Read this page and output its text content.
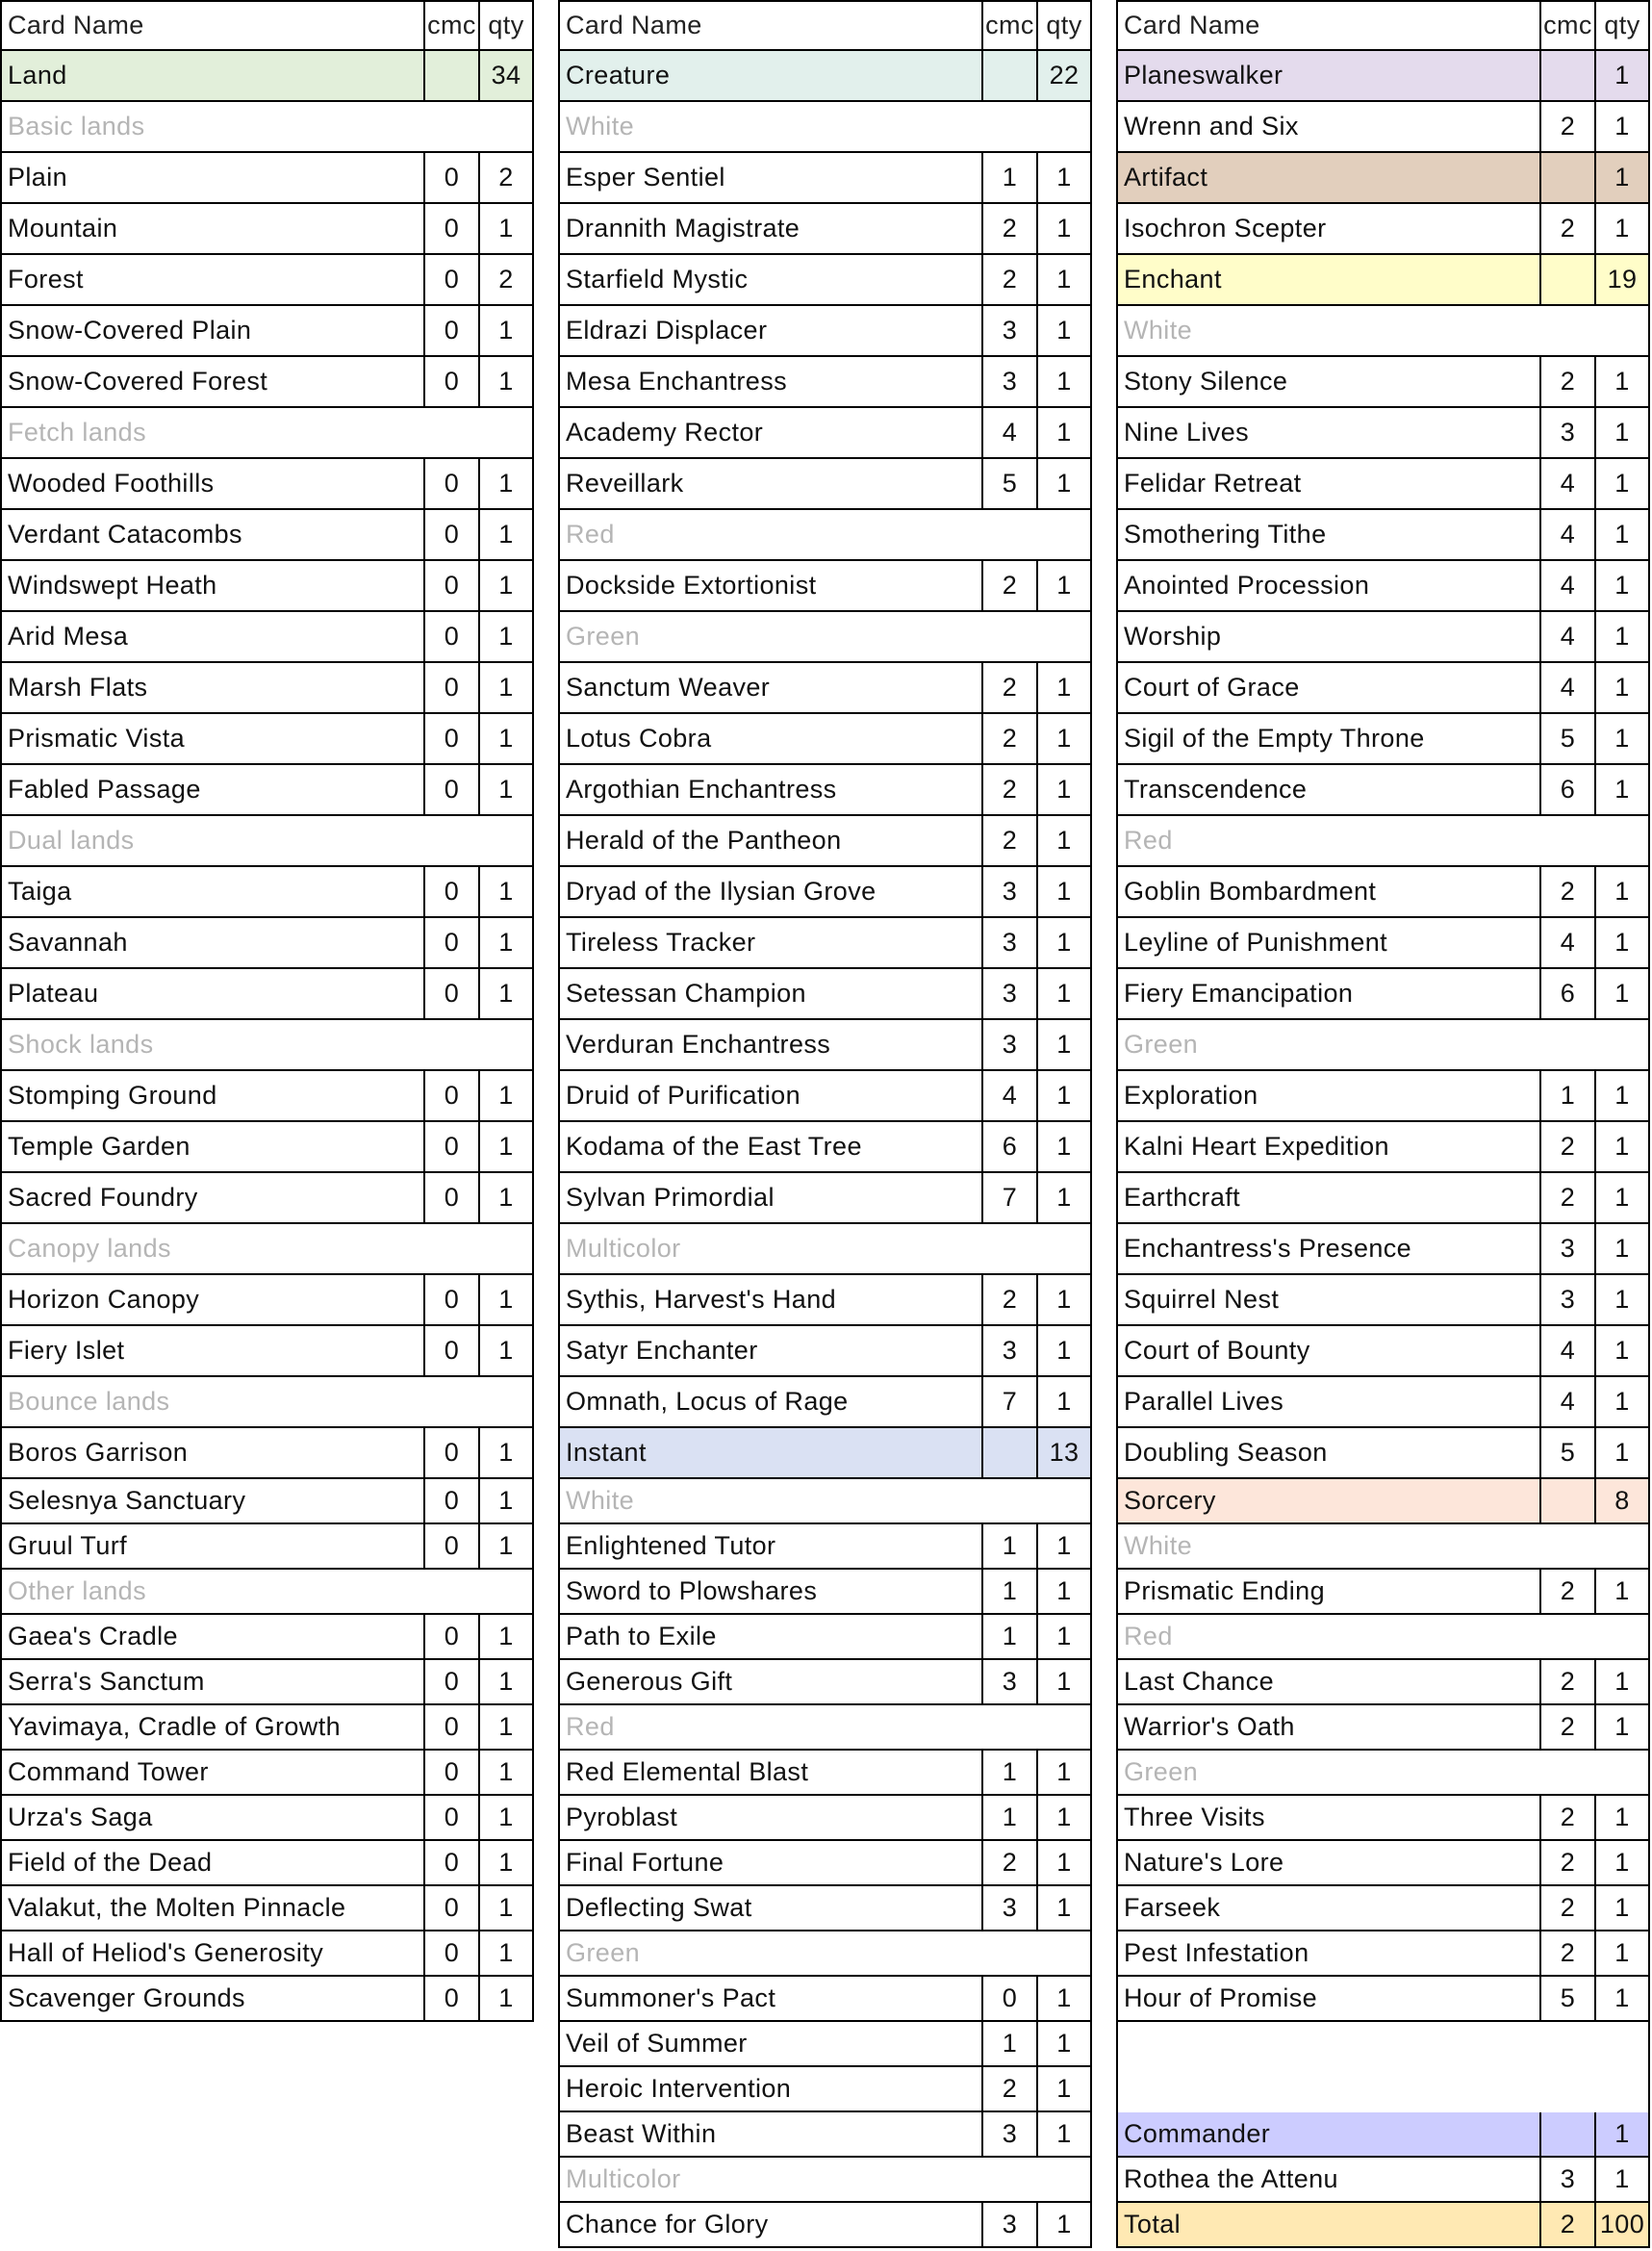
Card Name	cmc qty
Land	34
Basic lands
Plain	0	2
Mountain	0	1
Forest	0	2
Snow-Covered Plain	0	1
Snow-Covered Forest	0	1
Fetch lands
Wooded Foothills	0	1
Verdant Catacombs	0	1
Windswept Heath	0	1
Arid Mesa	0	1
Marsh Flats	0	1
Prismatic Vista	0	1
Fabled Passage	0	1
Dual lands
Taiga	0	1
Savannah	0	1
Plateau	0	1
Shock lands
Stomping Ground	0	1
Temple Garden	0	1
Sacred Foundry	0	1
Canopy lands
Horizon Canopy	0	1
Fiery Islet	0	1
Bounce lands
Boros Garrison	0	1
Selesnya Sanctuary	0	1
Gruul Turf	0	1
Other lands
Gaea's Cradle	0	1
Serra's Sanctum	0	1
Yavimaya, Cradle of Growth	0	1
Command Tower	0	1
Urza's Saga	0	1
Field of the Dead	0	1
Valakut, the Molten Pinnacle	0	1
Hall of Heliod's Generosity	0	1
Scavenger Grounds	0	1
Card Name	cmc qty
Creature	22
White
Esper Sentiel	1	1
Drannith Magistrate	2	1
Starfield Mystic	2	1
Eldrazi Displacer	3	1
Mesa Enchantress	3	1
Academy Rector	4	1
Reveillark	5	1
Red
Dockside Extortionist	2	1
Green
Sanctum Weaver	2	1
Lotus Cobra	2	1
Argothian Enchantress	2	1
Herald of the Pantheon	2	1
Dryad of the Ilysian Grove	3	1
Tireless Tracker	3	1
Setessan Champion	3	1
Verduran Enchantress	3	1
Druid of Purification	4	1
Kodama of the East Tree	6	1
Sylvan Primordial	7	1
Multicolor
Sythis, Harvest's Hand	2	1
Satyr Enchanter	3	1
Omnath, Locus of Rage	7	1
Instant	13
White
Enlightened Tutor	1	1
Sword to Plowshares	1	1
Path to Exile	1	1
Generous Gift	3	1
Red
Red Elemental Blast	1	1
Pyroblast	1	1
Final Fortune	2	1
Deflecting Swat	3	1
Green
Summoner's Pact	0	1
Veil of Summer	1	1
Heroic Intervention	2	1
Beast Within	3	1
Multicolor
Chance for Glory	3	1
Card Name	cmc qty
Planeswalker	1
Wrenn and Six	2	1
Artifact	1
Isochron Scepter	2	1
Enchant	19
White
Stony Silence	2	1
Nine Lives	3	1
Felidar Retreat	4	1
Smothering Tithe	4	1
Anointed Procession	4	1
Worship	4	1
Court of Grace	4	1
Sigil of the Empty Throne	5	1
Transcendence	6	1
Red
Goblin Bombardment	2	1
Leyline of Punishment	4	1
Fiery Emancipation	6	1
Green
Exploration	1	1
Kalni Heart Expedition	2	1
Earthcraft	2	1
Enchantress's Presence	3	1
Squirrel Nest	3	1
Court of Bounty	4	1
Parallel Lives	4	1
Doubling Season	5	1
Sorcery	8
White
Prismatic Ending	2	1
Red
Last Chance	2	1
Warrior's Oath	2	1
Green
Three Visits	2	1
Nature's Lore	2	1
Farseek	2	1
Pest Infestation	2	1
Hour of Promise	5	1
Commander	1
Rothea the Attenu	3	1
Total	2 100
